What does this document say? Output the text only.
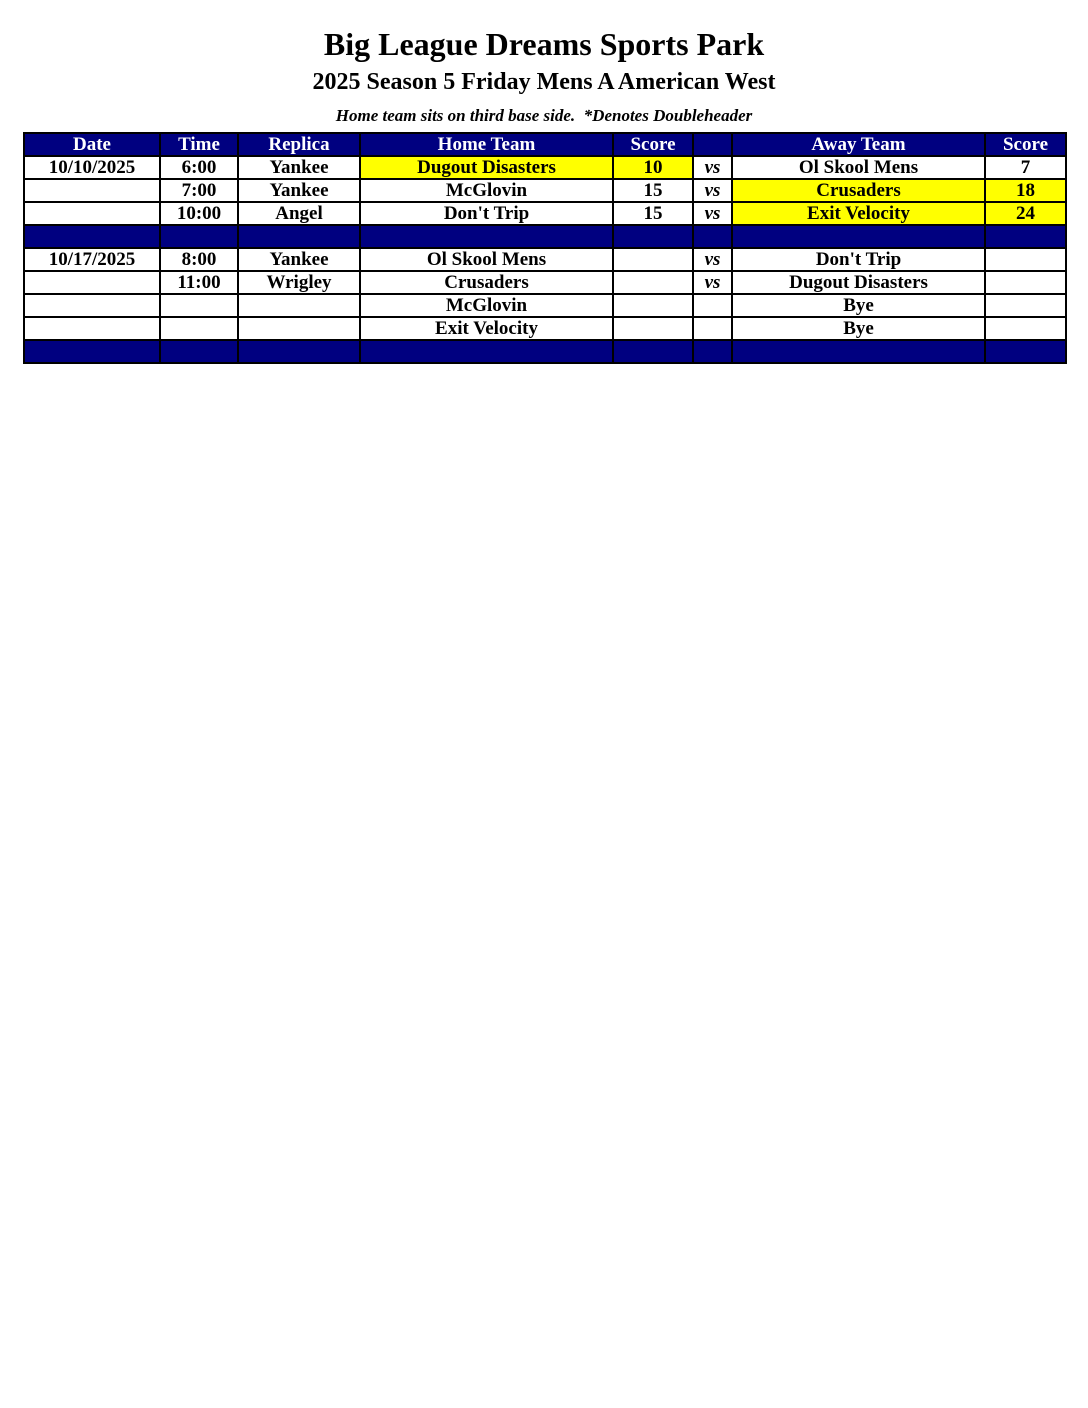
Big League Dreams Sports Park
2025 Season 5 Friday Mens A American West
Home team sits on third base side.  *Denotes Doubleheader
Date	Time	Replica	Home Team	Score		Away Team	Score
10/10/2025	6:00	Yankee	Dugout Disasters	10	vs	Ol Skool Mens	7
	7:00	Yankee	McGlovin	15	vs	Crusaders	18
	10:00	Angel	Don't Trip	15	vs	Exit Velocity	24

10/17/2025	8:00	Yankee	Ol Skool Mens		vs	Don't Trip	
	11:00	Wrigley	Crusaders		vs	Dugout Disasters	
			McGlovin			Bye	
			Exit Velocity			Bye	
